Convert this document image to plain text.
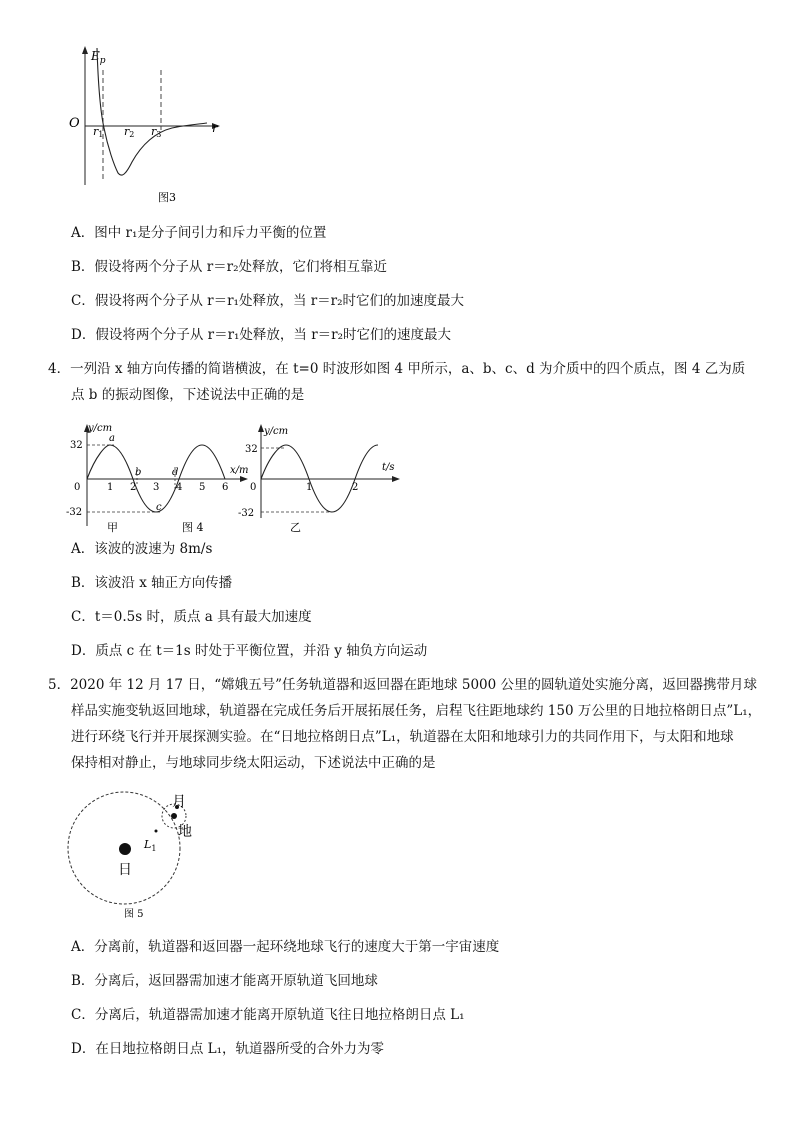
$E_p$
O	r
r1 r2 r3
图3
A．图中 r₁是分子间引力和斥力平衡的位置
B．假设将两个分子从 r＝r₂处释放，它们将相互靠近
C．假设将两个分子从 r＝r₁处释放，当 r＝r₂时它们的加速度最大
D．假设将两个分子从 r＝r₁处释放，当 r＝r₂时它们的速度最大
4．一列沿 x 轴方向传播的简谐横波，在 t=0 时波形如图 4 甲所示，a、b、c、d 为介质中的四个质点，图 4 乙为质
点 b 的振动图像，下述说法中正确的是
y/cm
x/m
32
-32
0	1 2 3 4 5 6
a
b
c
d
甲	图 4
y/cm
t/s
32
-32
0	1	2
乙
A．该波的波速为 8m/s
B．该波沿 x 轴正方向传播
C．t＝0.5s 时，质点 a 具有最大加速度
D．质点 c 在 t＝1s 时处于平衡位置，并沿 y 轴负方向运动
5．2020 年 12 月 17 日，“嫦娥五号”任务轨道器和返回器在距地球 5000 公里的圆轨道处实施分离，返回器携带月球
样品实施变轨返回地球，轨道器在完成任务后开展拓展任务，启程飞往距地球约 150 万公里的日地拉格朗日点”L₁，
进行环绕飞行并开展探测实验。在“日地拉格朗日点”L₁，轨道器在太阳和地球引力的共同作用下，与太阳和地球
保持相对静止，与地球同步绕太阳运动，下述说法中正确的是
月
地
日
$L_1$
图 5
A．分离前，轨道器和返回器一起环绕地球飞行的速度大于第一宇宙速度
B．分离后，返回器需加速才能离开原轨道飞回地球
C．分离后，轨道器需加速才能离开原轨道飞往日地拉格朗日点 L₁
D．在日地拉格朗日点 L₁，轨道器所受的合外力为零
